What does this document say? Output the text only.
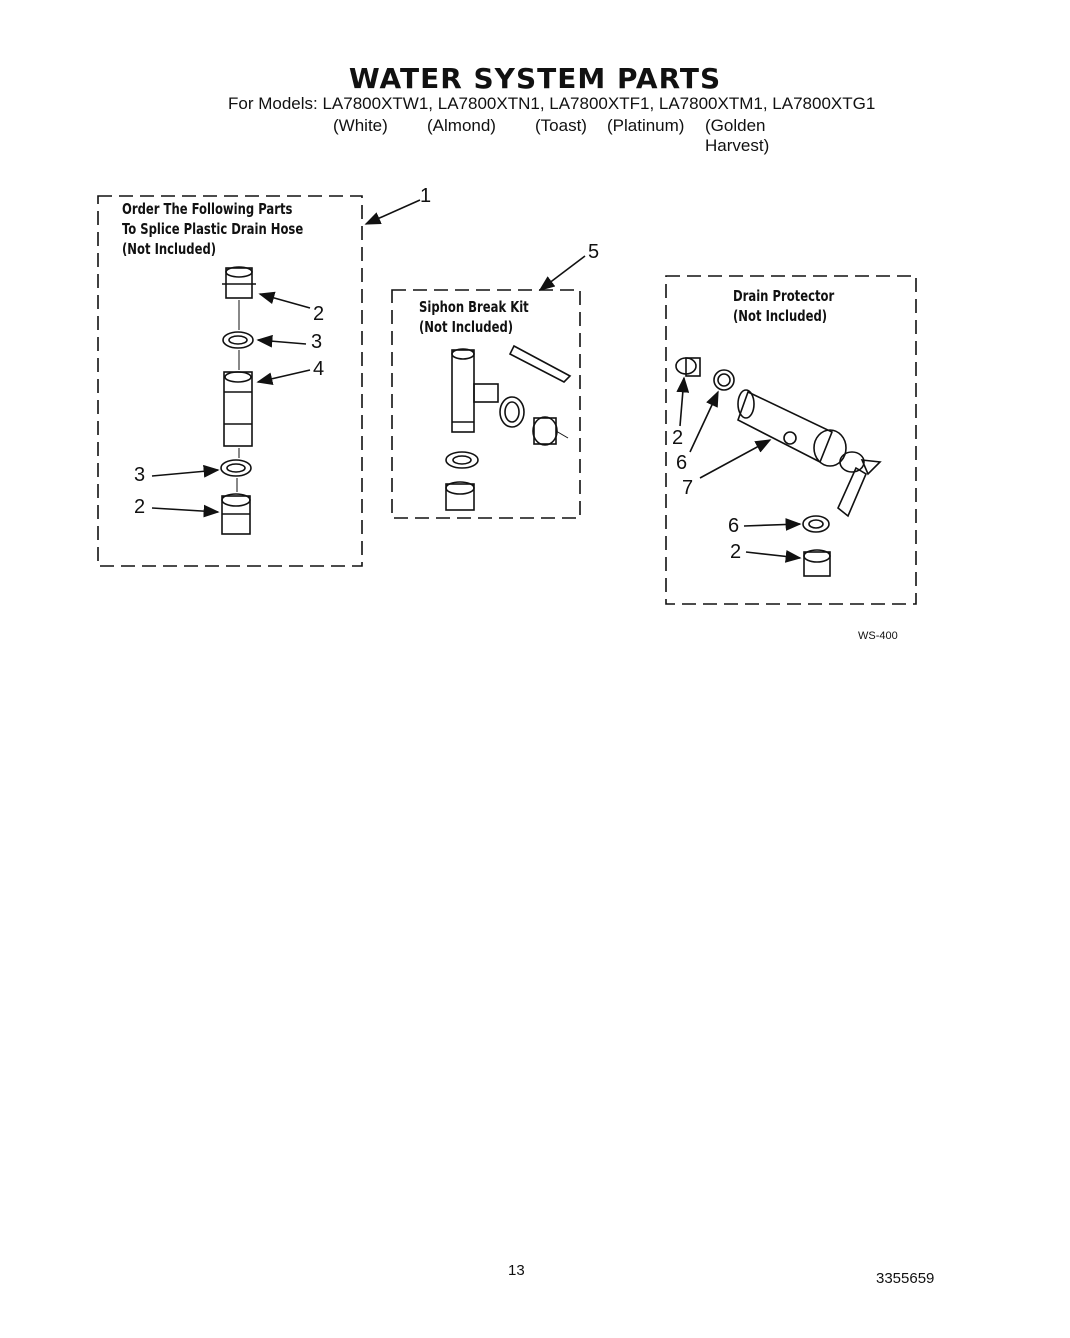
WATER SYSTEM PARTS
For Models: LA7800XTW1, LA7800XTN1, LA7800XTF1, LA7800XTM1, LA7800XTG1
(White) (Almond) (Toast) (Platinum) (Golden Harvest)
Order The Following Parts
To Splice Plastic Drain Hose
(Not Included)
Siphon Break Kit
(Not Included)
Drain Protector
(Not Included)
1
5
2
3
4
3
2
2
6
7
6
2
WS-400
13	3355659
